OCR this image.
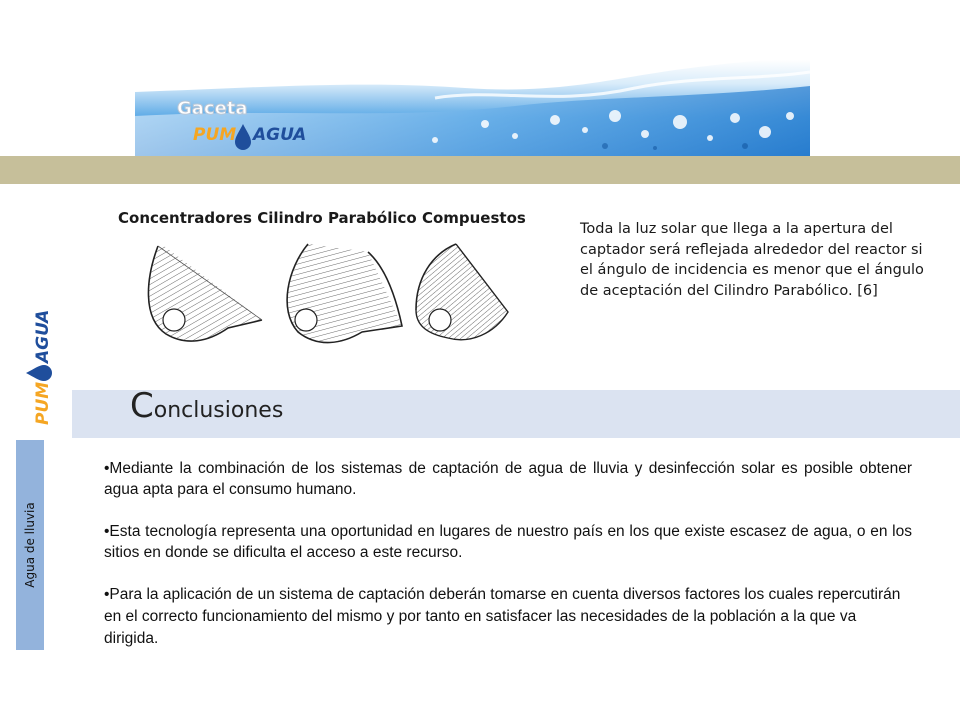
Gaceta
PUM AGUA
PUM
AGUA
Agua de lluvia
Concentradores Cilindro Parabólico Compuestos
Toda la luz solar que llega a la apertura del captador será reflejada alrededor del reactor si el ángulo de incidencia es menor que el ángulo de aceptación del Cilindro Parabólico. [6]
Conclusiones

•Mediante la combinación de los sistemas de captación de agua de lluvia y desinfección solar es posible obtener agua apta para el consumo humano.

•Esta tecnología representa una oportunidad en lugares de nuestro país en los que existe escasez de agua, o en los sitios en donde se dificulta el acceso a este recurso.

•Para la aplicación de un sistema de captación deberán tomarse en cuenta diversos factores los cuales repercutirán en el correcto funcionamiento del mismo y por tanto en satisfacer las necesidades de la población a la que va dirigida.
